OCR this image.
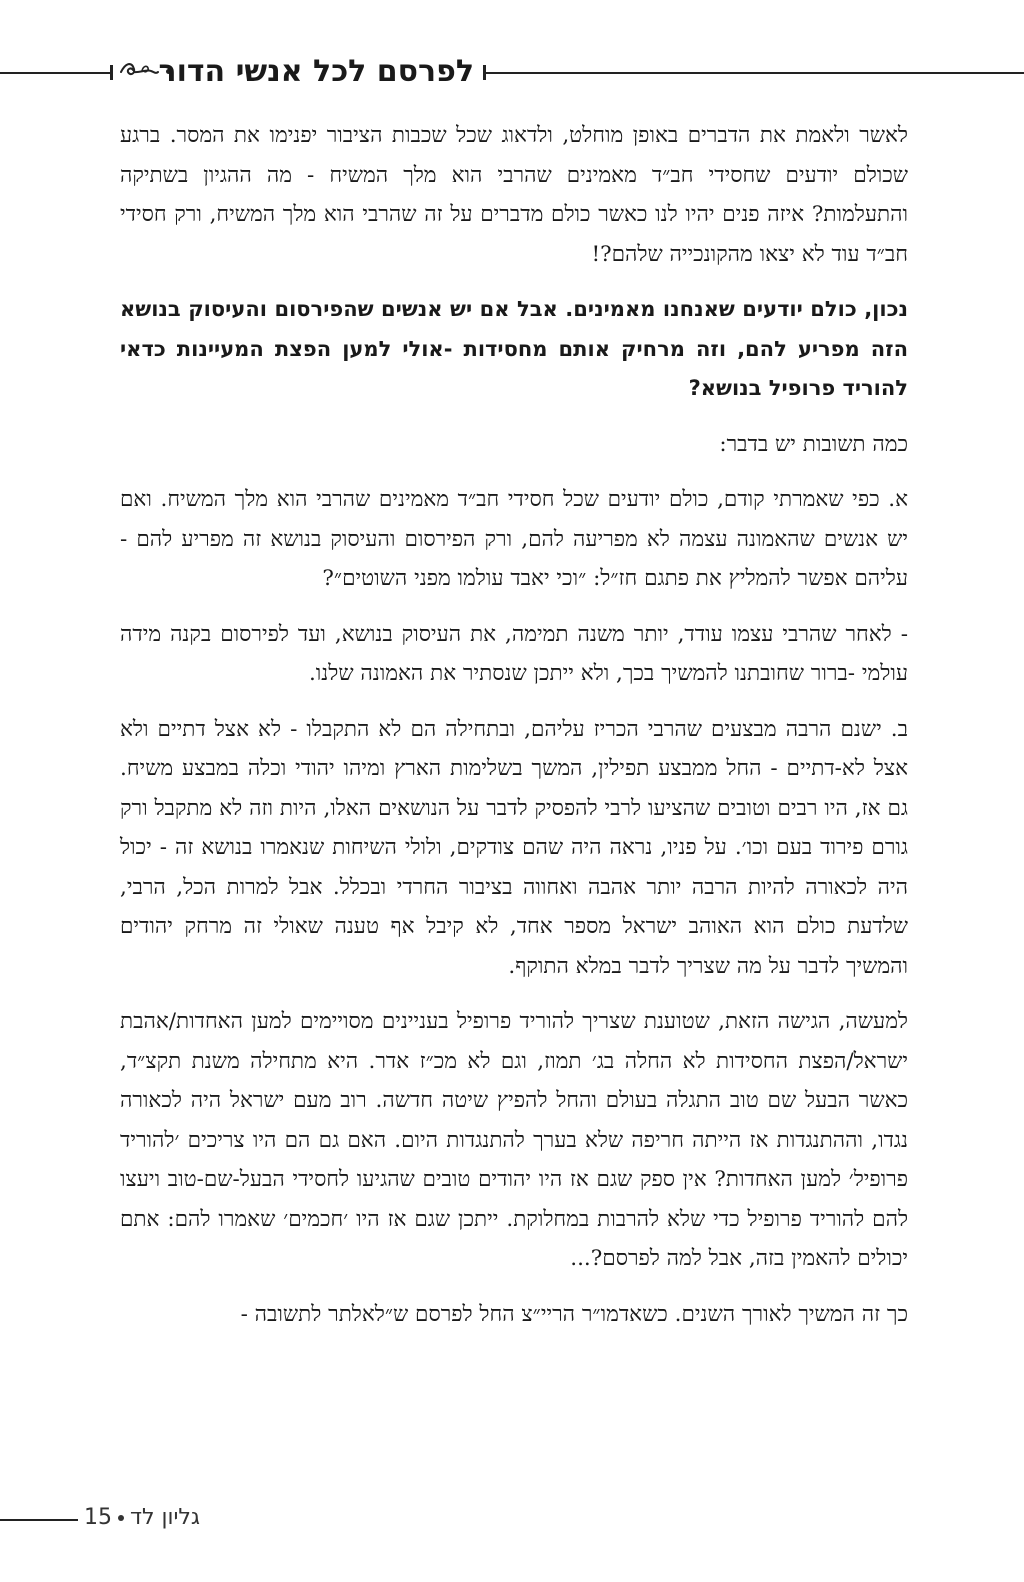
לפרסם לכל אנשי הדור

לאשר ולאמת את הדברים באופן מוחלט, ולדאוג שכל שכבות הציבור יפנימו את המסר. ברגע שכולם יודעים שחסידי חב״ד מאמינים שהרבי הוא מלך המשיח - מה ההגיון בשתיקה והתעלמות? איזה פנים יהיו לנו כאשר כולם מדברים על זה שהרבי הוא מלך המשיח, ורק חסידי חב״ד עוד לא יצאו מהקונכייה שלהם?!

נכון, כולם יודעים שאנחנו מאמינים. אבל אם יש אנשים שהפירסום והעיסוק בנושא הזה מפריע להם, וזה מרחיק אותם מחסידות -אולי למען הפצת המעיינות כדאי להוריד פרופיל בנושא?

כמה תשובות יש בדבר:

א. כפי שאמרתי קודם, כולם יודעים שכל חסידי חב״ד מאמינים שהרבי הוא מלך המשיח. ואם יש אנשים שהאמונה עצמה לא מפריעה להם, ורק הפירסום והעיסוק בנושא זה מפריע להם - עליהם אפשר להמליץ את פתגם חז״ל: ״וכי יאבד עולמו מפני השוטים״?

- לאחר שהרבי עצמו עודד, יותר משנה תמימה, את העיסוק בנושא, ועד לפירסום בקנה מידה עולמי -ברור שחובתנו להמשיך בכך, ולא ייתכן שנסתיר את האמונה שלנו.

ב. ישנם הרבה מבצעים שהרבי הכריז עליהם, ובתחילה הם לא התקבלו - לא אצל דתיים ולא אצל לא-דתיים - החל ממבצע תפילין, המשך בשלימות הארץ ומיהו יהודי וכלה במבצע משיח. גם אז, היו רבים וטובים שהציעו לרבי להפסיק לדבר על הנושאים האלו, היות וזה לא מתקבל ורק גורם פירוד בעם וכו׳. על פניו, נראה היה שהם צודקים, ולולי השיחות שנאמרו בנושא זה - יכול היה לכאורה להיות הרבה יותר אהבה ואחווה בציבור החרדי ובכלל. אבל למרות הכל, הרבי, שלדעת כולם הוא האוהב ישראל מספר אחד, לא קיבל אף טענה שאולי זה מרחק יהודים והמשיך לדבר על מה שצריך לדבר במלא התוקף.

למעשה, הגישה הזאת, שטוענת שצריך להוריד פרופיל בעניינים מסויימים למען האחדות/אהבת ישראל/הפצת החסידות לא החלה בג׳ תמוז, וגם לא מכ״ז אדר. היא מתחילה משנת תקצ״ד, כאשר הבעל שם טוב התגלה בעולם והחל להפיץ שיטה חדשה. רוב מעם ישראל היה לכאורה נגדו, וההתנגדות אז הייתה חריפה שלא בערך להתנגדות היום. האם גם הם היו צריכים ׳להוריד פרופיל׳ למען האחדות? אין ספק שגם אז היו יהודים טובים שהגיעו לחסידי הבעל-שם-טוב ויעצו להם להוריד פרופיל כדי שלא להרבות במחלוקת. ייתכן שגם אז היו ׳חכמים׳ שאמרו להם: אתם יכולים להאמין בזה, אבל למה לפרסם?...

כך זה המשיך לאורך השנים. כשאדמו״ר הריי״צ החל לפרסם ש״לאלתר לתשובה -

15 גליון לד
